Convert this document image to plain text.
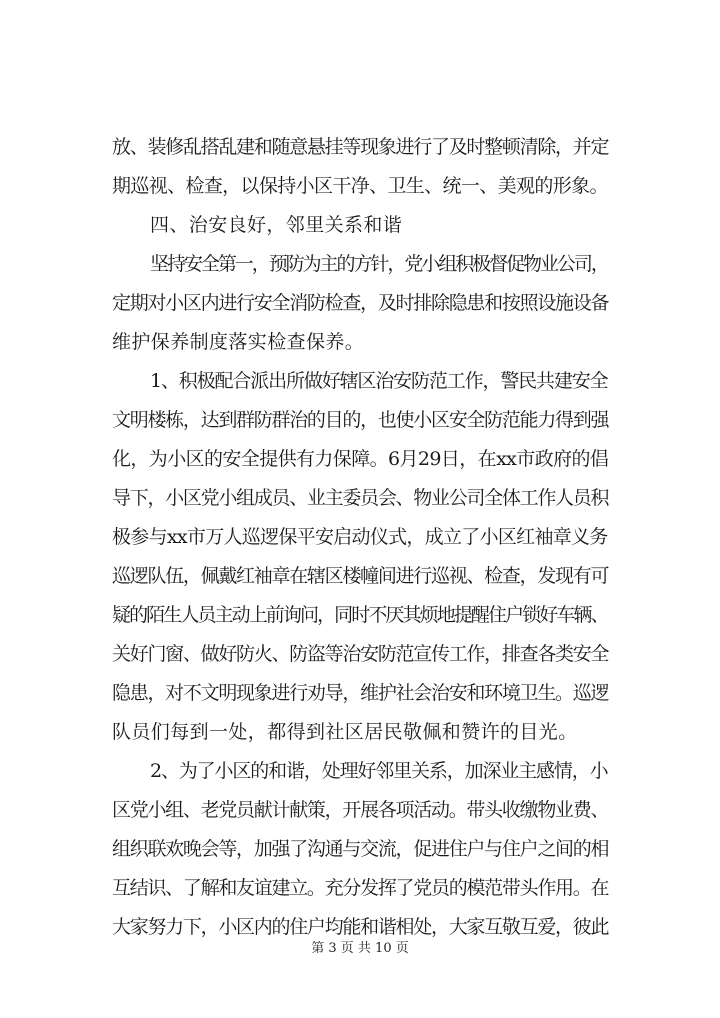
放、装修乱搭乱建和随意悬挂等现象进行了及时整顿清除，并定
期巡视、检查，以保持小区干净、卫生、统一、美观的形象。
四、治安良好，邻里关系和谐
坚持安全第一，预防为主的方针，党小组积极督促物业公司，
定期对小区内进行安全消防检查，及时排除隐患和按照设施设备
维护保养制度落实检查保养。
1、积极配合派出所做好辖区治安防范工作，警民共建安全
文明楼栋，达到群防群治的目的，也使小区安全防范能力得到强
化，为小区的安全提供有力保障。6月29日，在xx市政府的倡
导下，小区党小组成员、业主委员会、物业公司全体工作人员积
极参与xx市万人巡逻保平安启动仪式，成立了小区红袖章义务
巡逻队伍，佩戴红袖章在辖区楼幢间进行巡视、检查，发现有可
疑的陌生人员主动上前询问，同时不厌其烦地提醒住户锁好车辆、
关好门窗、做好防火、防盗等治安防范宣传工作，排查各类安全
隐患，对不文明现象进行劝导，维护社会治安和环境卫生。巡逻
队员们每到一处，都得到社区居民敬佩和赞许的目光。
2、为了小区的和谐，处理好邻里关系，加深业主感情，小
区党小组、老党员献计献策，开展各项活动。带头收缴物业费、
组织联欢晚会等，加强了沟通与交流，促进住户与住户之间的相
互结识、了解和友谊建立。充分发挥了党员的模范带头作用。在
大家努力下，小区内的住户均能和谐相处，大家互敬互爱，彼此
第 3 页 共 10 页
